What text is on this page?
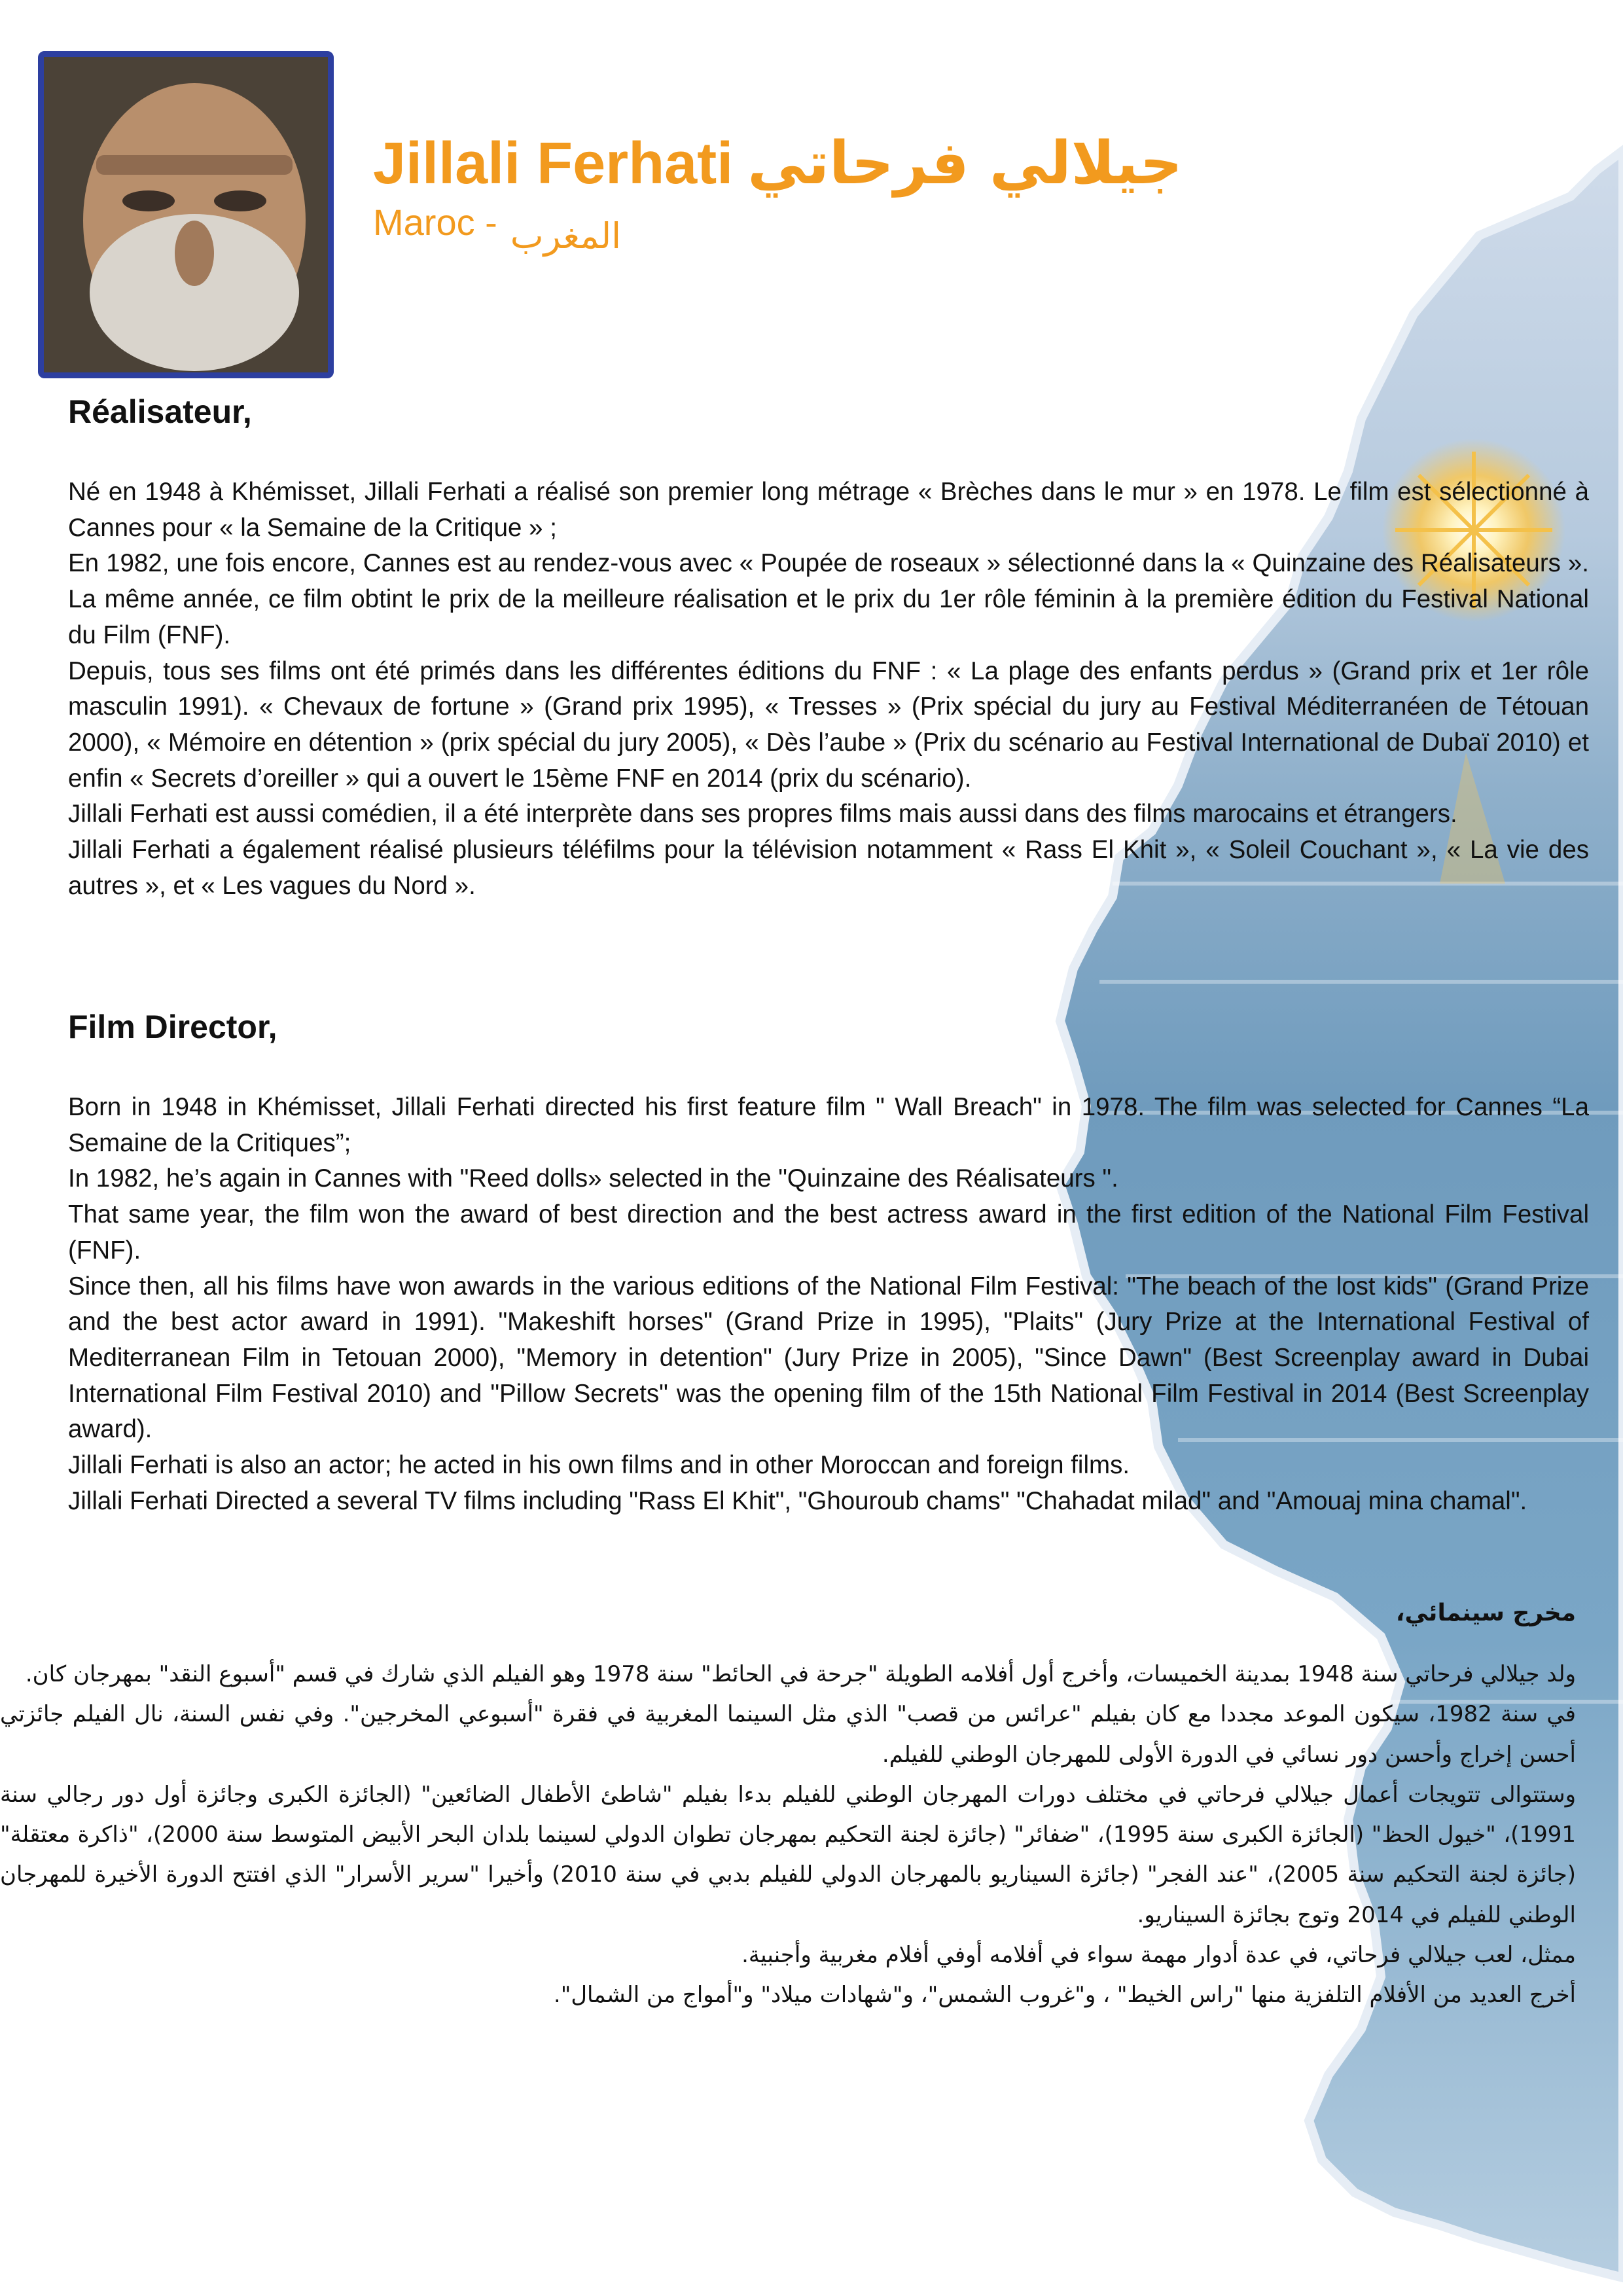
Jillali Ferhati جيلالي فرحاتي
Maroc - المغرب
Réalisateur,

Né en 1948 à Khémisset, Jillali Ferhati a réalisé son premier long métrage « Brèches dans le mur » en 1978. Le film est sélectionné à Cannes pour « la Semaine de la Critique » ;

En 1982, une fois encore, Cannes est au rendez-vous avec « Poupée de roseaux » sélectionné dans la « Quinzaine des Réalisateurs ». La même année, ce film obtint le prix de la meilleure réalisation et le prix du 1er rôle féminin à la première édition du Festival National du Film (FNF).

Depuis, tous ses films ont été primés dans les différentes éditions du FNF : « La plage des enfants perdus » (Grand prix et 1er rôle masculin 1991). « Chevaux de fortune » (Grand prix 1995), « Tresses » (Prix spécial du jury au Festival Méditerranéen de Tétouan 2000), « Mémoire en détention » (prix spécial du jury 2005), « Dès l’aube » (Prix du scénario au Festival International de Dubaï 2010) et enfin « Secrets d’oreiller » qui a ouvert le 15ème FNF en 2014 (prix du scénario).

Jillali Ferhati est aussi comédien, il a été interprète dans ses propres films mais aussi dans des films marocains et étrangers.

Jillali Ferhati a également réalisé plusieurs téléfilms pour la télévision notamment « Rass El Khit », « Soleil Couchant », « La vie des autres », et « Les vagues du Nord ».

Film Director,

Born in 1948 in Khémisset, Jillali Ferhati directed his first feature film " Wall Breach" in 1978. The film was selected for Cannes “La Semaine de la Critiques”;

In 1982, he’s again in Cannes with "Reed dolls» selected in the "Quinzaine des Réalisateurs ".

That same year, the film won the award of best direction and the best actress award in the first edition of the National Film Festival (FNF).

Since then, all his films have won awards in the various editions of the National Film Festival: "The beach of the lost kids" (Grand Prize and the best actor award in 1991). "Makeshift horses" (Grand Prize in 1995), "Plaits" (Jury Prize at the International Festival of Mediterranean Film in Tetouan 2000), "Memory in detention" (Jury Prize in 2005), "Since Dawn" (Best Screenplay award in Dubai International Film Festival 2010) and "Pillow Secrets" was the opening film of the 15th National Film Festival in 2014 (Best Screenplay award).

Jillali Ferhati is also an actor; he acted in his own films and in other Moroccan and foreign films.

Jillali Ferhati Directed a several TV films including "Rass El Khit", "Ghouroub chams" "Chahadat milad" and "Amouaj mina chamal".

مخرج سينمائي،

ولد جيلالي فرحاتي سنة 1948 بمدينة الخميسات، وأخرج أول أفلامه الطويلة "جرحة في الحائط" سنة 1978 وهو الفيلم الذي شارك في قسم "أسبوع النقد" بمهرجان كان.

في سنة 1982، سيكون الموعد مجددا مع كان بفيلم "عرائس من قصب" الذي مثل السينما المغربية في فقرة "أسبوعي المخرجين". وفي نفس السنة، نال الفيلم جائزتي أحسن إخراج وأحسن دور نسائي في الدورة الأولى للمهرجان الوطني للفيلم.

وستتوالى تتويجات أعمال جيلالي فرحاتي في مختلف دورات المهرجان الوطني للفيلم بدءا بفيلم "شاطئ الأطفال الضائعين" (الجائزة الكبرى وجائزة أول دور رجالي سنة 1991)، "خيول الحظ" (الجائزة الكبرى سنة 1995)، "ضفائر" (جائزة لجنة التحكيم بمهرجان تطوان الدولي لسينما بلدان البحر الأبيض المتوسط سنة 2000)، "ذاكرة معتقلة" (جائزة لجنة التحكيم سنة 2005)، "عند الفجر" (جائزة السيناريو بالمهرجان الدولي للفيلم بدبي في سنة 2010) وأخيرا "سرير الأسرار" الذي افتتح الدورة الأخيرة للمهرجان الوطني للفيلم في 2014 وتوج بجائزة السيناريو.

ممثل، لعب جيلالي فرحاتي، في عدة أدوار مهمة سواء في أفلامه أوفي أفلام مغربية وأجنبية.

أخرج العديد من الأفلام التلفزية منها "راس الخيط" ، و"غروب الشمس"، و"شهادات ميلاد" و"أمواج من الشمال".
